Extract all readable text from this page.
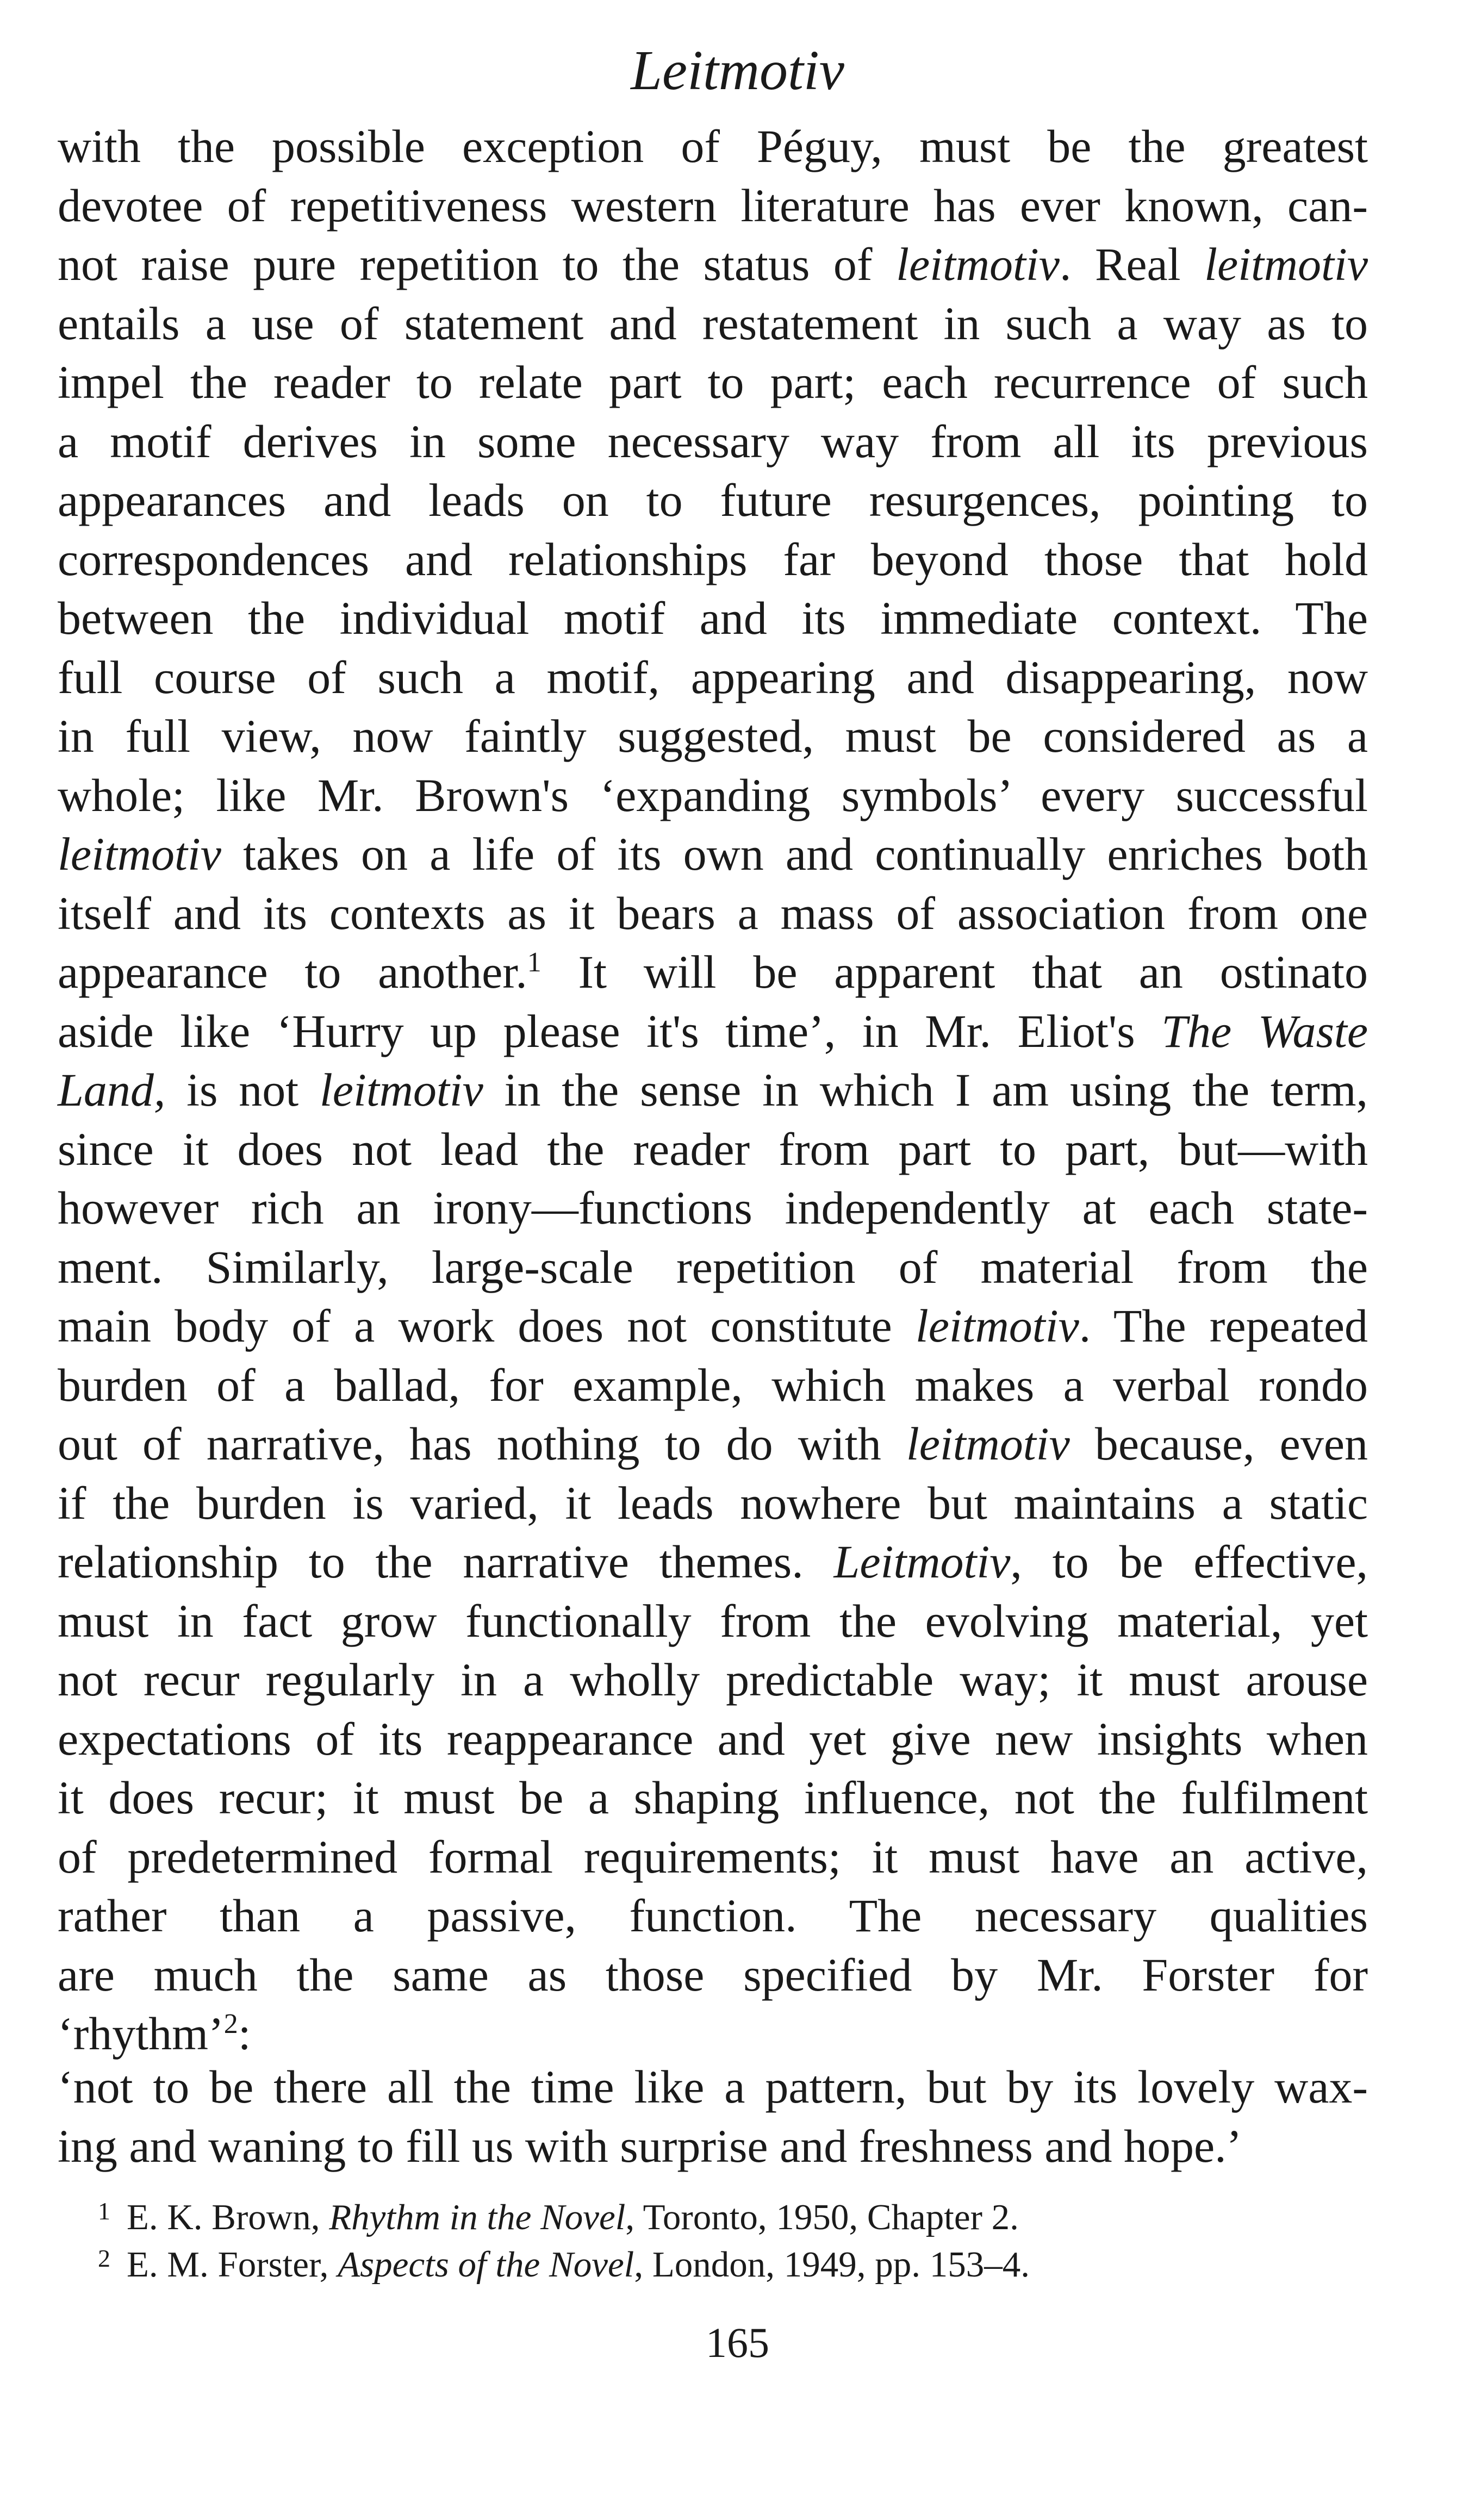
Leitmotiv
with the possible exception of Péguy, must be the greatest
devotee of repetitiveness western literature has ever known, can-
not raise pure repetition to the status of leitmotiv. Real leitmotiv
entails a use of statement and restatement in such a way as to
impel the reader to relate part to part; each recurrence of such
a motif derives in some necessary way from all its previous
appearances and leads on to future resurgences, pointing to
correspondences and relationships far beyond those that hold
between the individual motif and its immediate context. The
full course of such a motif, appearing and disappearing, now
in full view, now faintly suggested, must be considered as a
whole; like Mr. Brown's ‘expanding symbols’ every successful
leitmotiv takes on a life of its own and continually enriches both
itself and its contexts as it bears a mass of association from one
appearance to another.$^1$ It will be apparent that an ostinato
aside like ‘Hurry up please it's time’, in Mr. Eliot's The Waste
Land, is not leitmotiv in the sense in which I am using the term,
since it does not lead the reader from part to part, but—with
however rich an irony—functions independently at each state-
ment. Similarly, large-scale repetition of material from the
main body of a work does not constitute leitmotiv. The repeated
burden of a ballad, for example, which makes a verbal rondo
out of narrative, has nothing to do with leitmotiv because, even
if the burden is varied, it leads nowhere but maintains a static
relationship to the narrative themes. Leitmotiv, to be effective,
must in fact grow functionally from the evolving material, yet
not recur regularly in a wholly predictable way; it must arouse
expectations of its reappearance and yet give new insights when
it does recur; it must be a shaping influence, not the fulfilment
of predetermined formal requirements; it must have an active,
rather than a passive, function. The necessary qualities
are much the same as those specified by Mr. Forster for
‘rhythm’$^2$:
‘not to be there all the time like a pattern, but by its lovely wax-
ing and waning to fill us with surprise and freshness and hope.’
$^1$ E. K. Brown, Rhythm in the Novel, Toronto, 1950, Chapter 2.
$^2$ E. M. Forster, Aspects of the Novel, London, 1949, pp. 153–4.
165
